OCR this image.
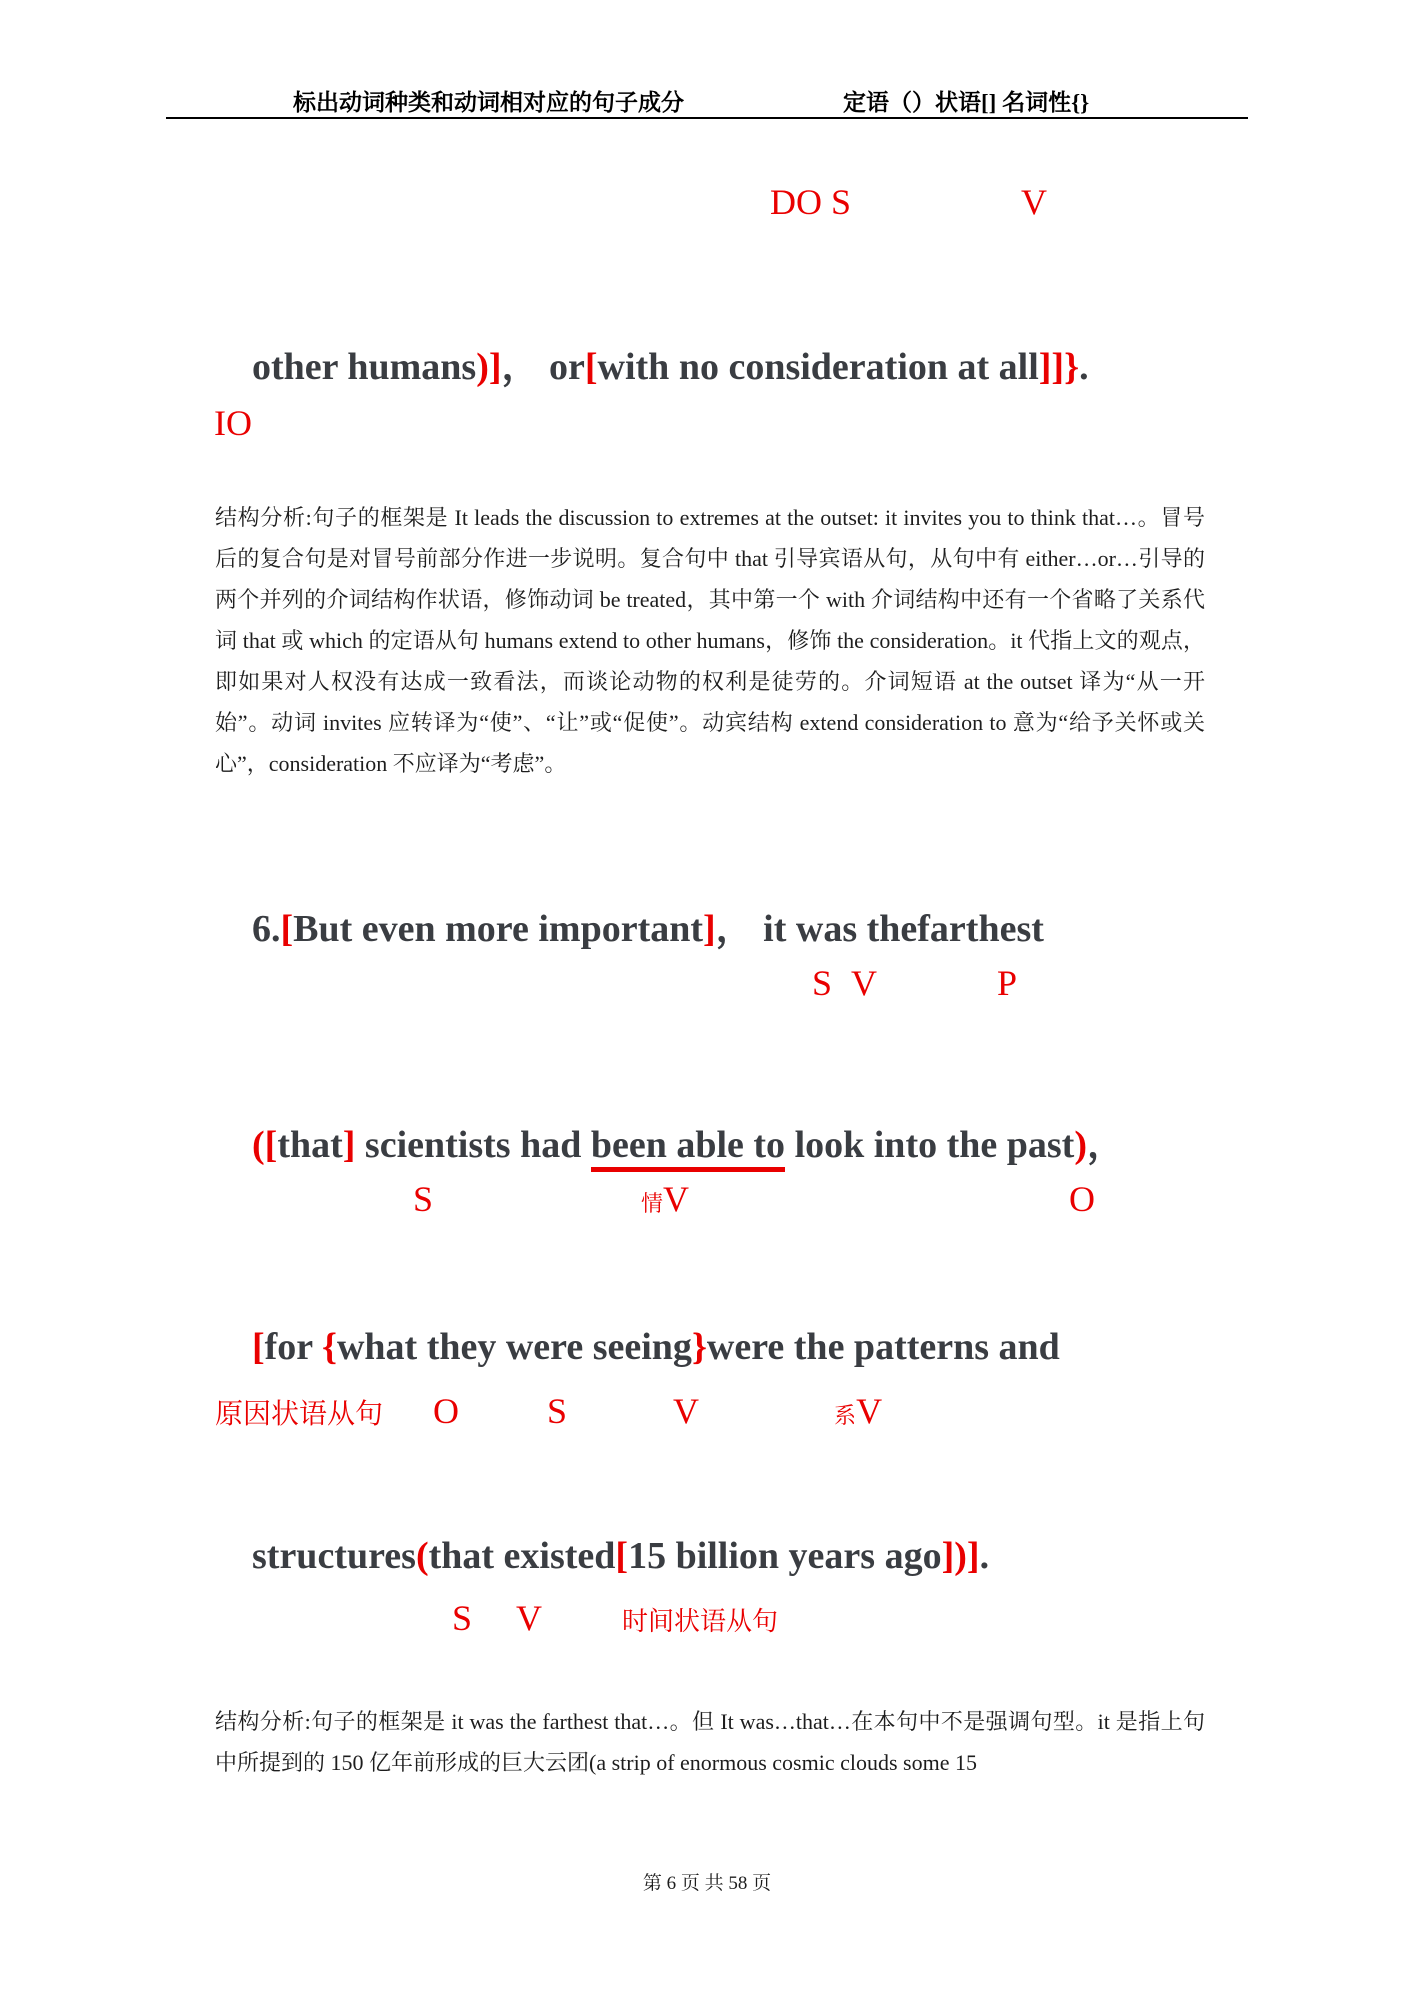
标出动词种类和动词相对应的句子成分	定语（）状语[] 名词性{}
DO S	V

other humans)]， or[with no consideration at all]]}.

IO
结构分析:句子的框架是 It leads the discussion to extremes at the outset: it invites you to think that…。冒号后的复合句是对冒号前部分作进一步说明。复合句中 that 引导宾语从句，从句中有 either…or…引导的两个并列的介词结构作状语，修饰动词 be treated，其中第一个 with 介词结构中还有一个省略了关系代词 that 或 which 的定语从句 humans extend to other humans，修饰 the consideration。it 代指上文的观点，即如果对人权没有达成一致看法，而谈论动物的权利是徒劳的。介词短语 at the outset 译为“从一开始”。动词 invites 应转译为“使”、“让”或“促使”。动宾结构 extend consideration to 意为“给予关怀或关心”，consideration 不应译为“考虑”。

6.[But even more important]， it was thefarthest

S V	P

([that] scientists had been able to look into the past)，

S	情 V	O

[for {what they were seeing}were the patterns and

原因状语从句 O S	V	系 V

structures(that existed[15 billion years ago])].

S V	时间状语从句
结构分析:句子的框架是 it was the farthest that…。但 It was…that…在本句中不是强调句型。it 是指上句中所提到的 150 亿年前形成的巨大云团(a strip of enormous cosmic clouds some 15
第 6 页 共 58 页
